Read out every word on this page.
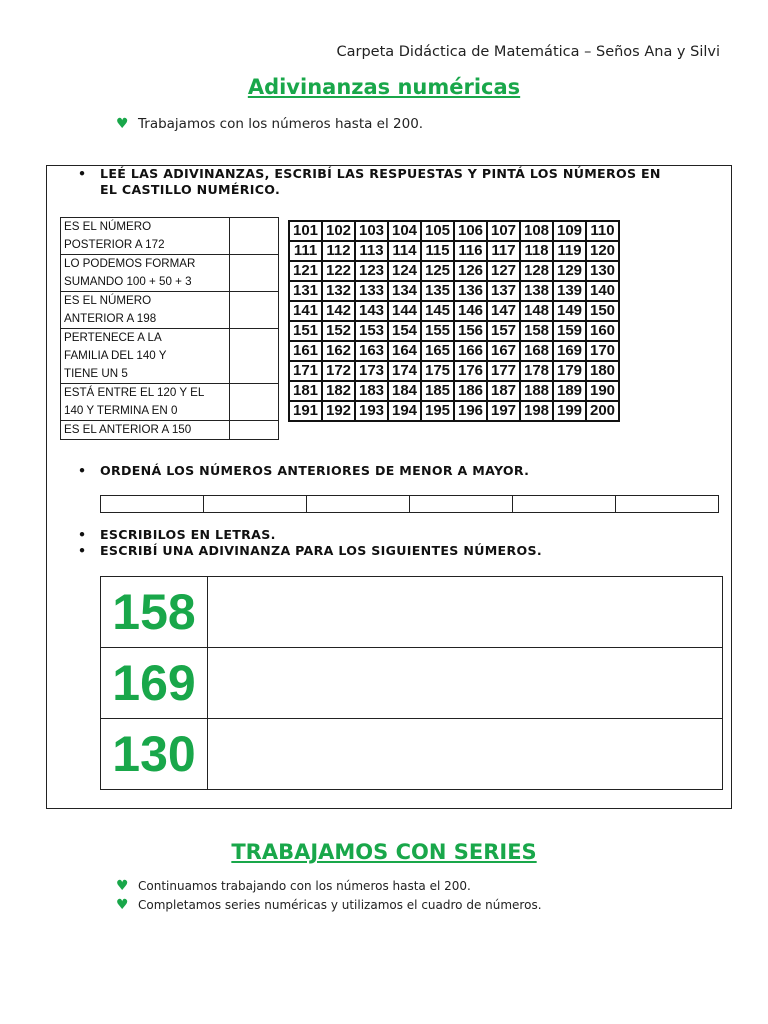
Carpeta Didáctica de Matemática – Seños Ana y Silvi
Adivinanzas numéricas
♥ Trabajamos con los números hasta el 200.
• LEÉ LAS ADIVINANZAS, ESCRIBÍ LAS RESPUESTAS Y PINTÁ LOS NÚMEROS EN
EL CASTILLO NUMÉRICO.
ES EL NÚMERO
POSTERIOR A 172	

LO PODEMOS FORMAR
SUMANDO 100 + 50 + 3	

ES EL NÚMERO
ANTERIOR A 198	

PERTENECE A LA
FAMILIA DEL 140 Y
TIENE UN 5	

ESTÁ ENTRE EL 120 Y EL
140 Y TERMINA EN 0	

ES EL ANTERIOR A 150	

101	102	103	104	105	106	107	108	109	110
111	112	113	114	115	116	117	118	119	120
121	122	123	124	125	126	127	128	129	130
131	132	133	134	135	136	137	138	139	140
141	142	143	144	145	146	147	148	149	150
151	152	153	154	155	156	157	158	159	160
161	162	163	164	165	166	167	168	169	170
171	172	173	174	175	176	177	178	179	180
181	182	183	184	185	186	187	188	189	190
191	192	193	194	195	196	197	198	199	200
• ORDENÁ LOS NÚMEROS ANTERIORES DE MENOR A MAYOR.

• ESCRIBILOS EN LETRAS.
• ESCRIBÍ UNA ADIVINANZA PARA LOS SIGUIENTES NÚMEROS.
158	
169	
130	
TRABAJAMOS CON SERIES
♥ Continuamos trabajando con los números hasta el 200.
♥ Completamos series numéricas y utilizamos el cuadro de números.
